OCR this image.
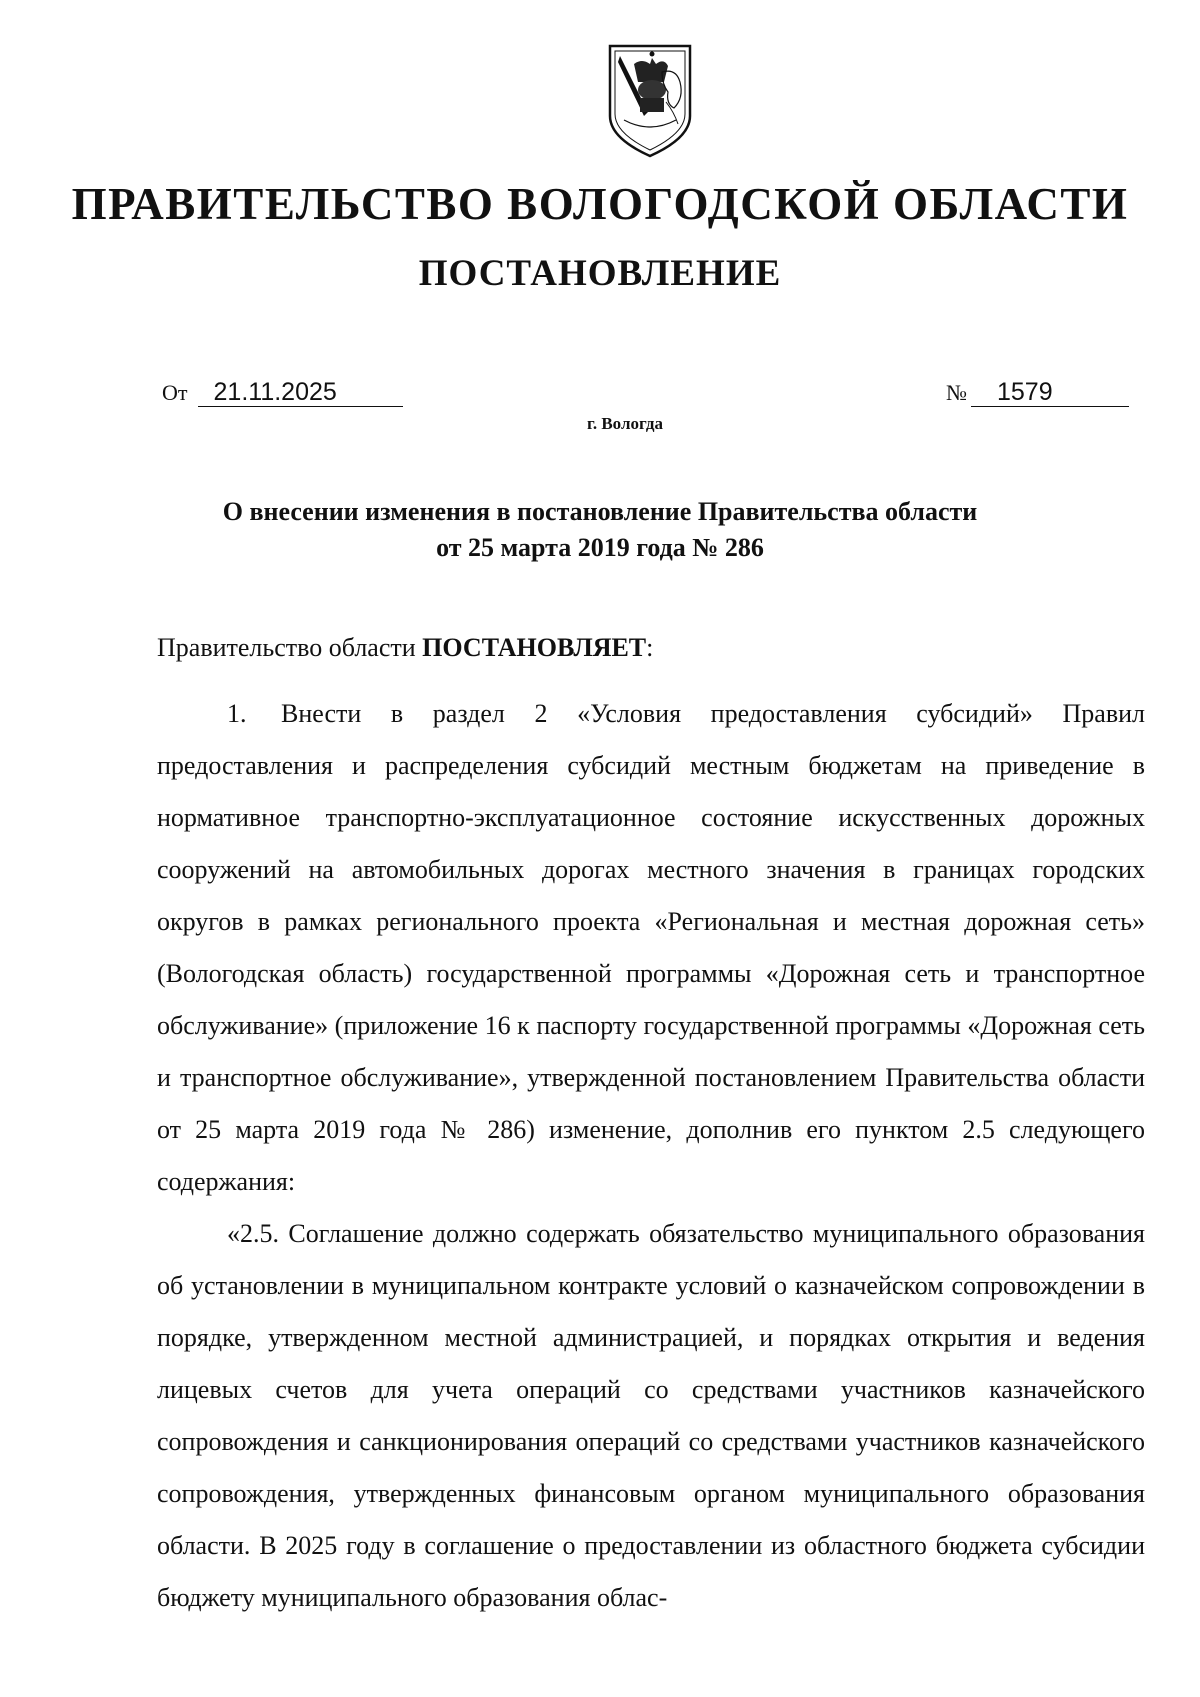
ПРАВИТЕЛЬСТВО ВОЛОГОДСКОЙ ОБЛАСТИ
ПОСТАНОВЛЕНИЕ
От 21.11.2025	№ 1579
г. Вологда
О внесении изменения в постановление Правительства области
от 25 марта 2019 года № 286

Правительство области ПОСТАНОВЛЯЕТ:

1. Внести в раздел 2 «Условия предоставления субсидий» Правил предоставления и распределения субсидий местным бюджетам на приведение в нормативное транспортно-эксплуатационное состояние искусственных дорожных сооружений на автомобильных дорогах местного значения в границах городских округов в рамках регионального проекта «Региональная и местная дорожная сеть» (Вологодская область) государственной программы «Дорожная сеть и транспортное обслуживание» (приложение 16 к паспорту государственной программы «Дорожная сеть и транспортное обслуживание», утвержденной постановлением Правительства области от 25 марта 2019 года № 286) изменение, дополнив его пунктом 2.5 следующего содержания:

«2.5. Соглашение должно содержать обязательство муниципального образования об установлении в муниципальном контракте условий о казначейском сопровождении в порядке, утвержденном местной администрацией, и порядках открытия и ведения лицевых счетов для учета операций со средствами участников казначейского сопровождения и санкционирования операций со средствами участников казначейского сопровождения, утвержденных финансовым органом муниципального образования области. В 2025 году в соглашение о предоставлении из областного бюджета субсидии бюджету муниципального образования облас-
